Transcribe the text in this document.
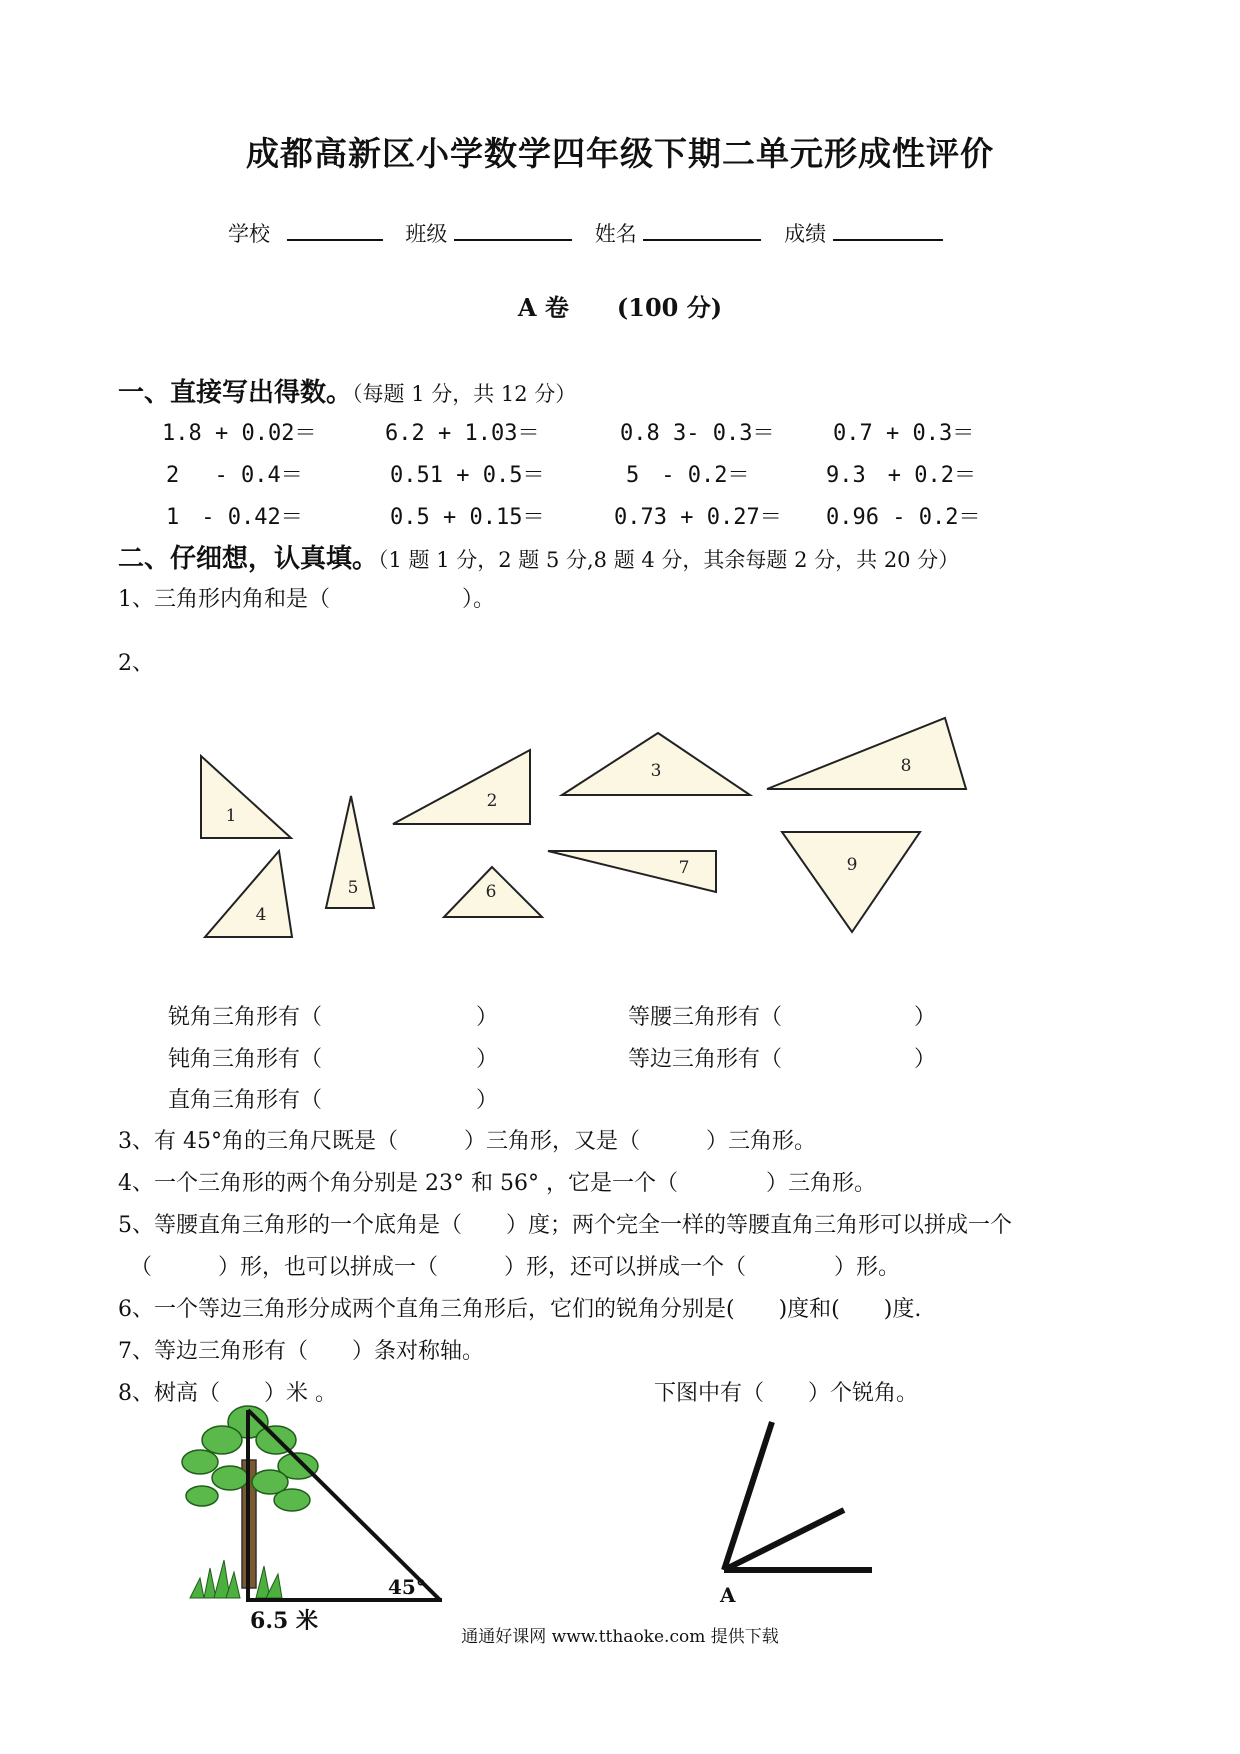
成都高新区小学数学四年级下期二单元形成性评价
学校	班级	姓名	成绩
A 卷　　(100 分)
一、直接写出得数。（每题 1 分，共 12 分）
1.8 + 0.02＝	6.2 + 1.03＝	0.8 3- 0.3＝	0.7 + 0.3＝
2　 - 0.4＝	0.51 + 0.5＝	5　- 0.2＝	9.3　+ 0.2＝
1　- 0.42＝	0.5 + 0.15＝	0.73 + 0.27＝ 0.96 - 0.2＝
二、仔细想，认真填。（1 题 1 分，2 题 5 分,8 题 4 分，其余每题 2 分，共 20 分）
1、三角形内角和是（　　　　　　）。
2、
1
2
3
4
5	6
7
8
9
锐角三角形有（　　　　　　　）	等腰三角形有（　　　　　　）
钝角三角形有（　　　　　　　）	等边三角形有（　　　　　　）
直角三角形有（　　　　　　　）
3、有 45°角的三角尺既是（　　　）三角形，又是（　　　）三角形。
4、一个三角形的两个角分别是 23° 和 56° ，它是一个（　　　　）三角形。
5、等腰直角三角形的一个底角是（　　）度；两个完全一样的等腰直角三角形可以拼成一个
（　　　）形，也可以拼成一（　　　）形，还可以拼成一个（　　　　）形。
6、一个等边三角形分成两个直角三角形后，它们的锐角分别是(　　)度和(　　)度.
7、等边三角形有（　　）条对称轴。
8、树高（　　）米 。	下图中有（　　）个锐角。
45°
6.5 米
A
通通好课网 www.tthaoke.com 提供下载
